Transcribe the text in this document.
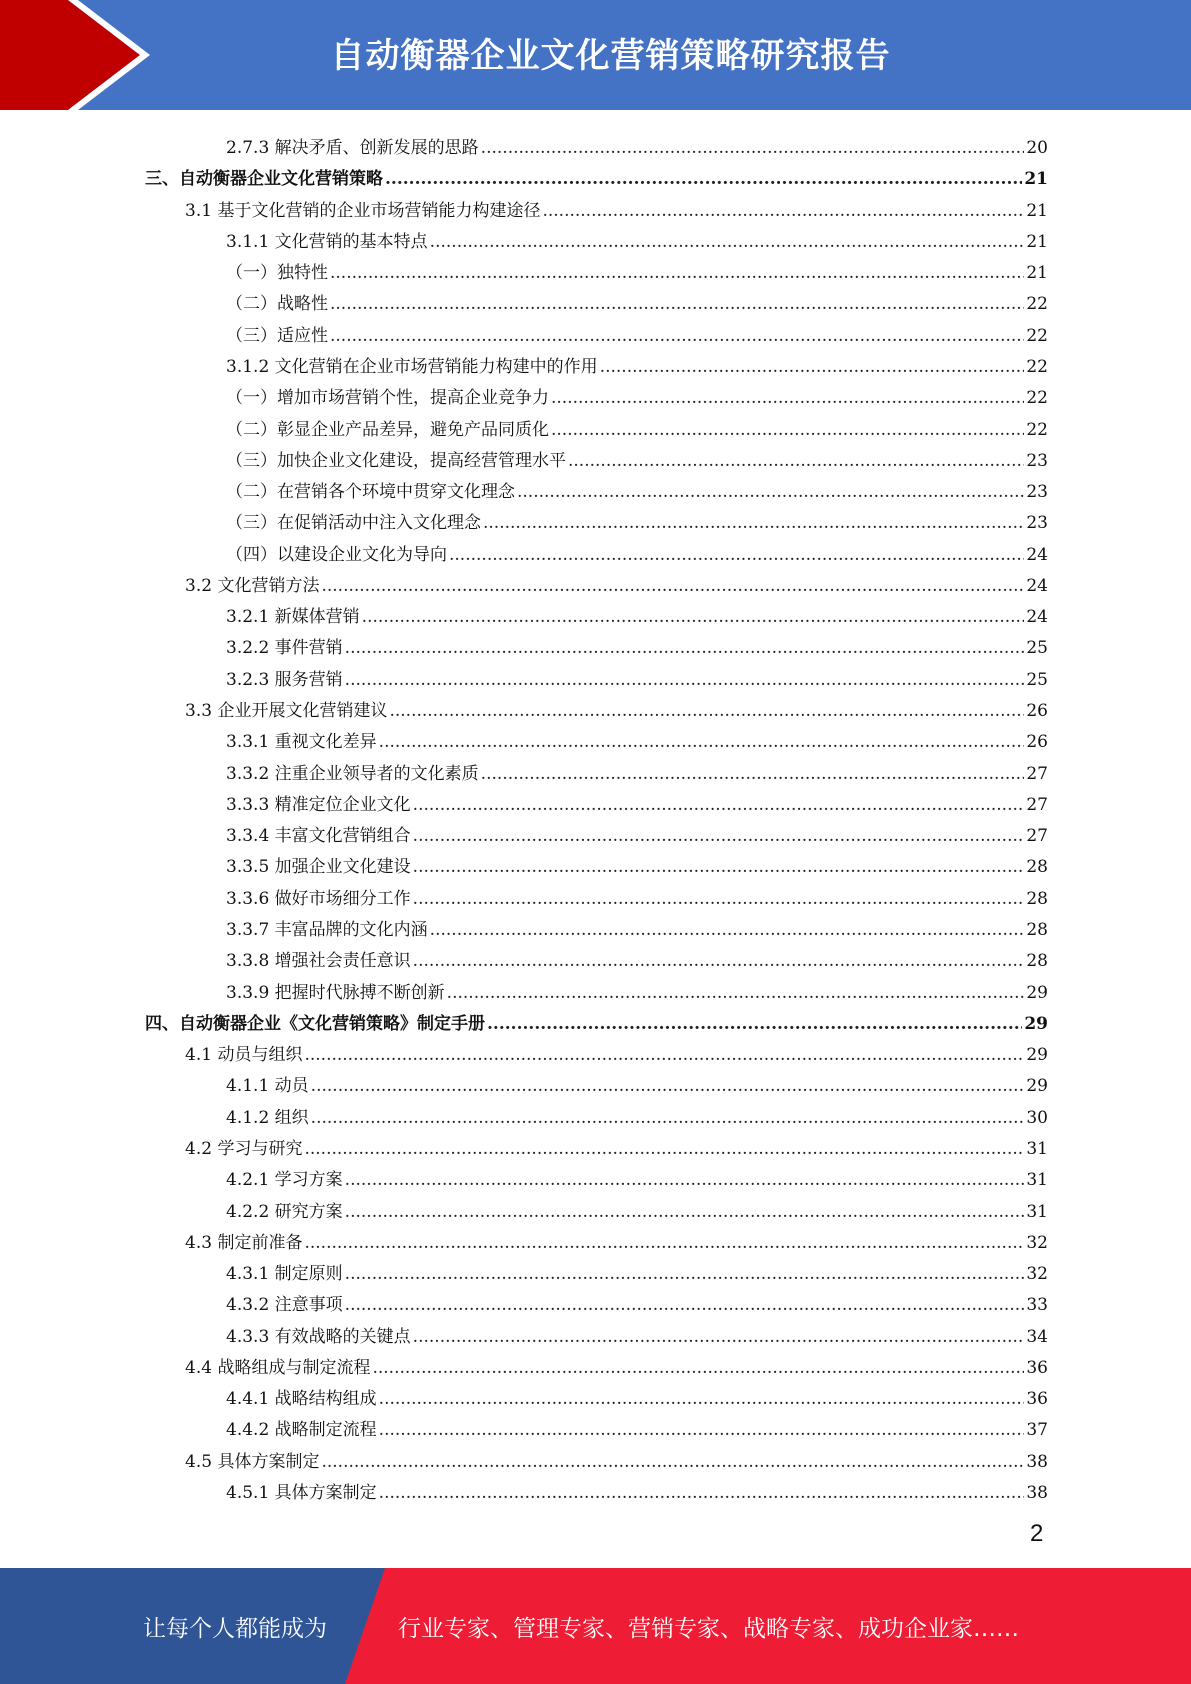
自动衡器企业文化营销策略研究报告
2.7.3 解决矛盾、创新发展的思路 .....	20
三、自动衡器企业文化营销策略 .....	21
3.1 基于文化营销的企业市场营销能力构建途径 .....	21
3.1.1 文化营销的基本特点 .....	21
（一）独特性 .....	21
（二）战略性 .....	22
（三）适应性 .....	22
3.1.2 文化营销在企业市场营销能力构建中的作用 .....	22
（一）增加市场营销个性，提高企业竞争力 .....	22
（二）彰显企业产品差异，避免产品同质化 .....	22
（三）加快企业文化建设，提高经营管理水平 .....	23
（二）在营销各个环境中贯穿文化理念 .....	23
（三）在促销活动中注入文化理念 .....	23
（四）以建设企业文化为导向 .....	24
3.2 文化营销方法 .....	24
3.2.1 新媒体营销 .....	24
3.2.2 事件营销 .....	25
3.2.3 服务营销 .....	25
3.3 企业开展文化营销建议 .....	26
3.3.1 重视文化差异 .....	26
3.3.2 注重企业领导者的文化素质 .....	27
3.3.3 精准定位企业文化 .....	27
3.3.4 丰富文化营销组合 .....	27
3.3.5 加强企业文化建设 .....	28
3.3.6 做好市场细分工作 .....	28
3.3.7 丰富品牌的文化内涵 .....	28
3.3.8 增强社会责任意识 .....	28
3.3.9 把握时代脉搏不断创新 .....	29
四、自动衡器企业《文化营销策略》制定手册 .....	29
4.1 动员与组织 .....	29
4.1.1 动员 .....	29
4.1.2 组织 .....	30
4.2 学习与研究 .....	31
4.2.1 学习方案 .....	31
4.2.2 研究方案 .....	31
4.3 制定前准备 .....	32
4.3.1 制定原则 .....	32
4.3.2 注意事项 .....	33
4.3.3 有效战略的关键点 .....	34
4.4 战略组成与制定流程 .....	36
4.4.1 战略结构组成 .....	36
4.4.2 战略制定流程 .....	37
4.5 具体方案制定 .....	38
4.5.1 具体方案制定 .....	38
2
让每个人都能成为	行业专家、管理专家、营销专家、战略专家、成功企业家……
